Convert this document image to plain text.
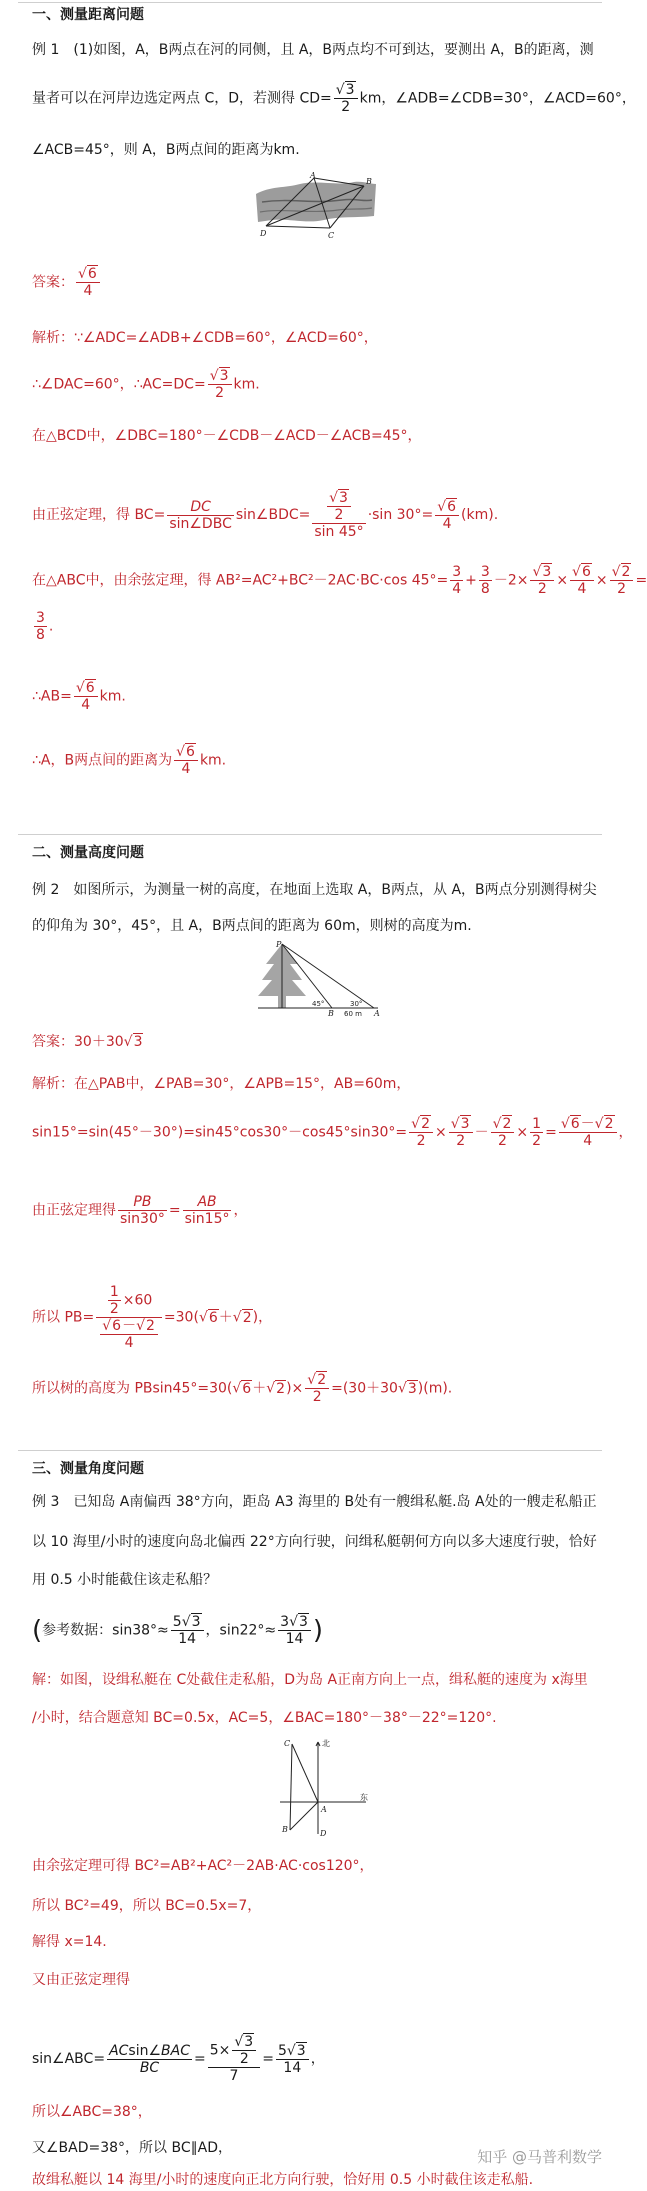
一、测量距离问题
例 1　(1)如图，A，B两点在河的同侧，且 A，B两点均不可到达，要测出 A，B的距离，测
量者可以在河岸边选定两点 C，D，若测得 $CD= \frac{√3}{2}$ km，∠ADB=∠CDB=30°，∠ACD=60°，
∠ACB=45°，则 A，B两点间的距离为km.
A
B
D	C
答案： $\frac{√6}{4}$
解析：∵∠ADC=∠ADB+∠CDB=60°，∠ACD=60°，
∴∠DAC=60°，∴AC=DC= $\frac{√3}{2}$ km.
在△BCD中，∠DBC=180°－∠CDB－∠ACD－∠ACB=45°，
由正弦定理，得 $BC= \frac{DC}{\text{sin∠DBC}}$ sin∠BDC= $\frac{\frac{√3}{2}}{\sin 45^\circ} \cdot\sin$ $30^\circ= \frac{√6}{4} (km)$.
在△ABC中，由余弦定理，得 AB²=AC²+BC²－2AC·BC·cos $45^\circ= \frac{3}{4} + \frac{3}{8} -2\times \frac{√3}{2} \times \frac{√6}{4} \times \frac{√2}{2}$ =
$\frac{3}{8}$ .
∴AB= $\frac{√6}{4}$ km.
∴A，B两点间的距离为 $\frac{√6}{4}$ km.
二、测量高度问题
例 2　如图所示，为测量一树的高度，在地面上选取 A，B两点，从 A，B两点分别测得树尖
的仰角为 30°，45°，且 A，B两点间的距离为 60m，则树的高度为m.
P
45°	30°
B 60 m A
答案：30＋30√3
解析：在△PAB中，∠PAB=30°，∠APB=15°，AB=60m，
$\sin 15^\circ=\sin(45^\circ-30^\circ)=\sin 45^\circ\cos 30^\circ-\cos 45^\circ\sin 30^\circ= \frac{√2}{2} \times \frac{√3}{2} - \frac{√2}{2} \times \frac{1}{2} = \frac{√6-√2}{4}$ ，
由正弦定理得 $\frac{PB}{\sin 30^\circ} = \frac{AB}{\sin 15^\circ}$ ，
所以 $PB= \frac{\frac{1}{2} \times 60}{\frac{√6-√2}{4}} =30(√6+√2)$，
所以树的高度为 $PBsin45^\circ=30(√6+√2)\times \frac{√2}{2} =(30+30√3)(m)$.
三、测量角度问题
例 3　已知岛 A南偏西 38°方向，距岛 A3 海里的 B处有一艘缉私艇.岛 A处的一艘走私船正
以 10 海里/小时的速度向岛北偏西 22°方向行驶，问缉私艇朝何方向以多大速度行驶，恰好
用 0.5 小时能截住该走私船？
(参考数据：$\sin 38^\circ\approx \frac{5√3}{14}$ ，$\sin 22^\circ\approx \frac{3√3}{14}$ )
解：如图，设缉私艇在 C处截住走私船，D为岛 A正南方向上一点，缉私艇的速度为 x海里
/小时，结合题意知 BC=0.5x，AC=5，∠BAC=180°－38°－22°=120°.
C	北
东
A
B	D
由余弦定理可得 BC²=AB²+AC²－2AB·AC·cos120°，
所以 BC²=49，所以 BC=0.5x=7，
解得 x=14.
又由正弦定理得
sin∠ABC= $\frac{\text{ACsin∠BAC}}{BC} = \frac{5\times \frac{√3}{2}}{7} = \frac{5√3}{14}$ ，
所以∠ABC=38°，
又∠BAD=38°，所以 BC∥AD，
故缉私艇以 14 海里/小时的速度向正北方向行驶，恰好用 0.5 小时截住该走私船.
知乎 @马普利数学
